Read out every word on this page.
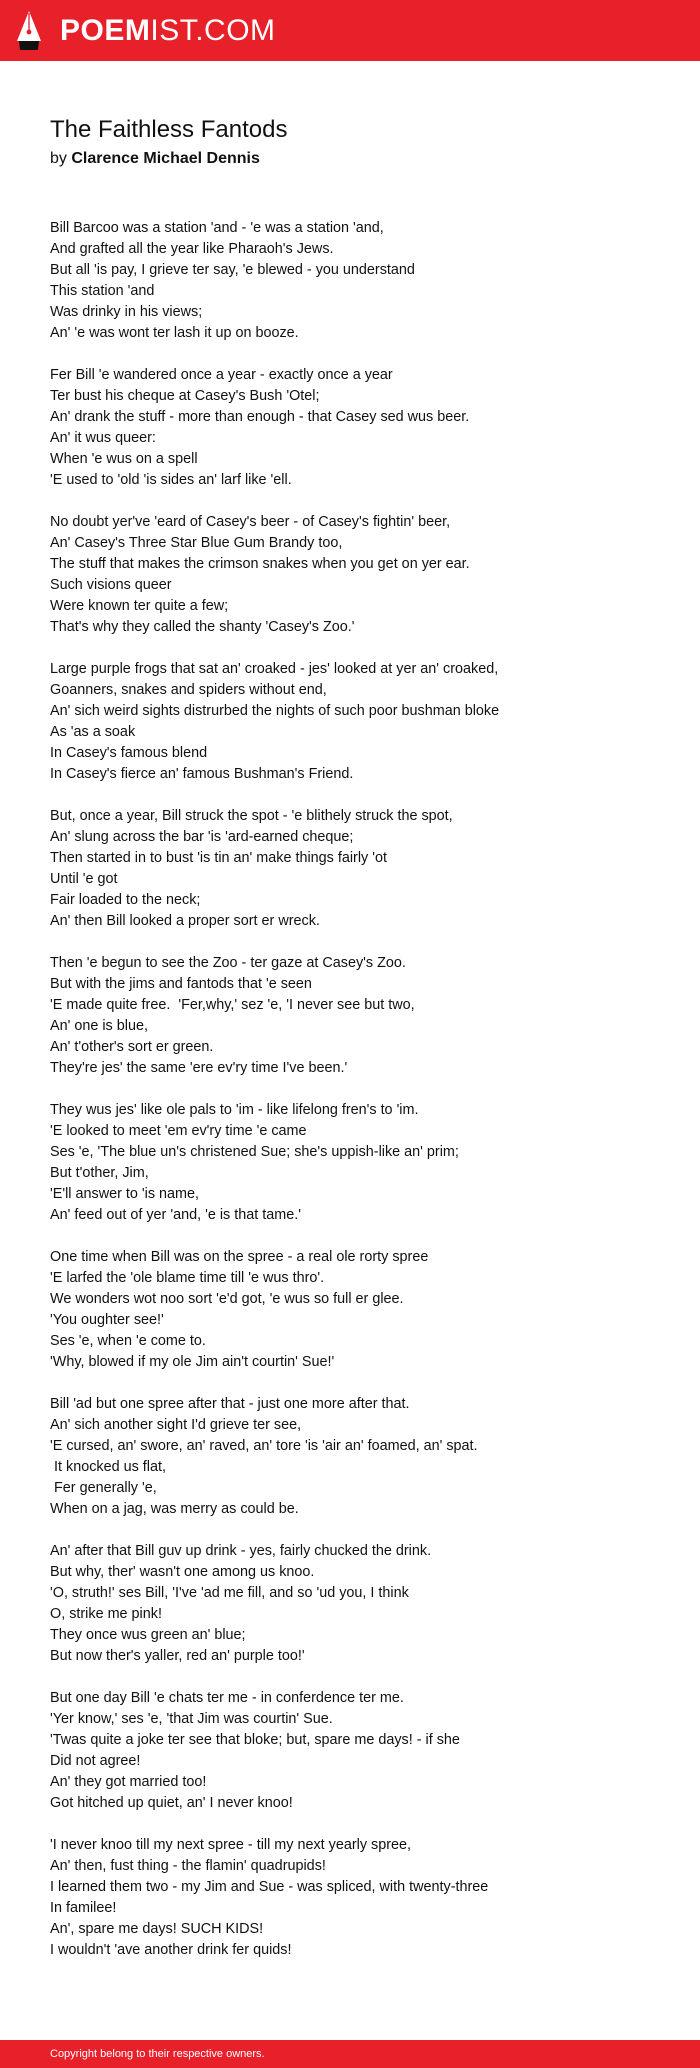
POEMIST.COM
The Faithless Fantods
by Clarence Michael Dennis
Bill Barcoo was a station 'and - 'e was a station 'and,
And grafted all the year like Pharaoh's Jews.
But all 'is pay, I grieve ter say, 'e blewed - you understand
This station 'and
Was drinky in his views;
An' 'e was wont ter lash it up on booze.
Fer Bill 'e wandered once a year - exactly once a year
Ter bust his cheque at Casey's Bush 'Otel;
An' drank the stuff - more than enough - that Casey sed wus beer.
An' it wus queer:
When 'e wus on a spell
'E used to 'old 'is sides an' larf like 'ell.
No doubt yer've 'eard of Casey's beer - of Casey's fightin' beer,
An' Casey's Three Star Blue Gum Brandy too,
The stuff that makes the crimson snakes when you get on yer ear.
Such visions queer
Were known ter quite a few;
That's why they called the shanty 'Casey's Zoo.'
Large purple frogs that sat an' croaked - jes' looked at yer an' croaked,
Goanners, snakes and spiders without end,
An' sich weird sights distrurbed the nights of such poor bushman bloke
As 'as a soak
In Casey's famous blend
In Casey's fierce an' famous Bushman's Friend.
But, once a year, Bill struck the spot - 'e blithely struck the spot,
An' slung across the bar 'is 'ard-earned cheque;
Then started in to bust 'is tin an' make things fairly 'ot
Until 'e got
Fair loaded to the neck;
An' then Bill looked a proper sort er wreck.
Then 'e begun to see the Zoo - ter gaze at Casey's Zoo.
But with the jims and fantods that 'e seen
'E made quite free.  'Fer,why,' sez 'e, 'I never see but two,
An' one is blue,
An' t'other's sort er green.
They're jes' the same 'ere ev'ry time I've been.'
They wus jes' like ole pals to 'im - like lifelong fren's to 'im.
'E looked to meet 'em ev'ry time 'e came
Ses 'e, 'The blue un's christened Sue; she's uppish-like an' prim;
But t'other, Jim,
'E'll answer to 'is name,
An' feed out of yer 'and, 'e is that tame.'
One time when Bill was on the spree - a real ole rorty spree
'E larfed the 'ole blame time till 'e wus thro'.
We wonders wot noo sort 'e'd got, 'e wus so full er glee.
'You oughter see!'
Ses 'e, when 'e come to.
'Why, blowed if my ole Jim ain't courtin' Sue!'
Bill 'ad but one spree after that - just one more after that.
An' sich another sight I'd grieve ter see,
'E cursed, an' swore, an' raved, an' tore 'is 'air an' foamed, an' spat.
It knocked us flat,
Fer generally 'e,
When on a jag, was merry as could be.
An' after that Bill guv up drink - yes, fairly chucked the drink.
But why, ther' wasn't one among us knoo.
'O, struth!' ses Bill, 'I've 'ad me fill, and so 'ud you, I think
O, strike me pink!
They once wus green an' blue;
But now ther's yaller, red an' purple too!'
But one day Bill 'e chats ter me - in conferdence ter me.
'Yer know,' ses 'e, 'that Jim was courtin' Sue.
'Twas quite a joke ter see that bloke; but, spare me days! - if she
Did not agree!
An' they got married too!
Got hitched up quiet, an' I never knoo!
'I never knoo till my next spree - till my next yearly spree,
An' then, fust thing - the flamin' quadrupids!
I learned them two - my Jim and Sue - was spliced, with twenty-three
In familee!
An', spare me days! SUCH KIDS!
I wouldn't 'ave another drink fer quids!
Copyright belong to their respective owners.
